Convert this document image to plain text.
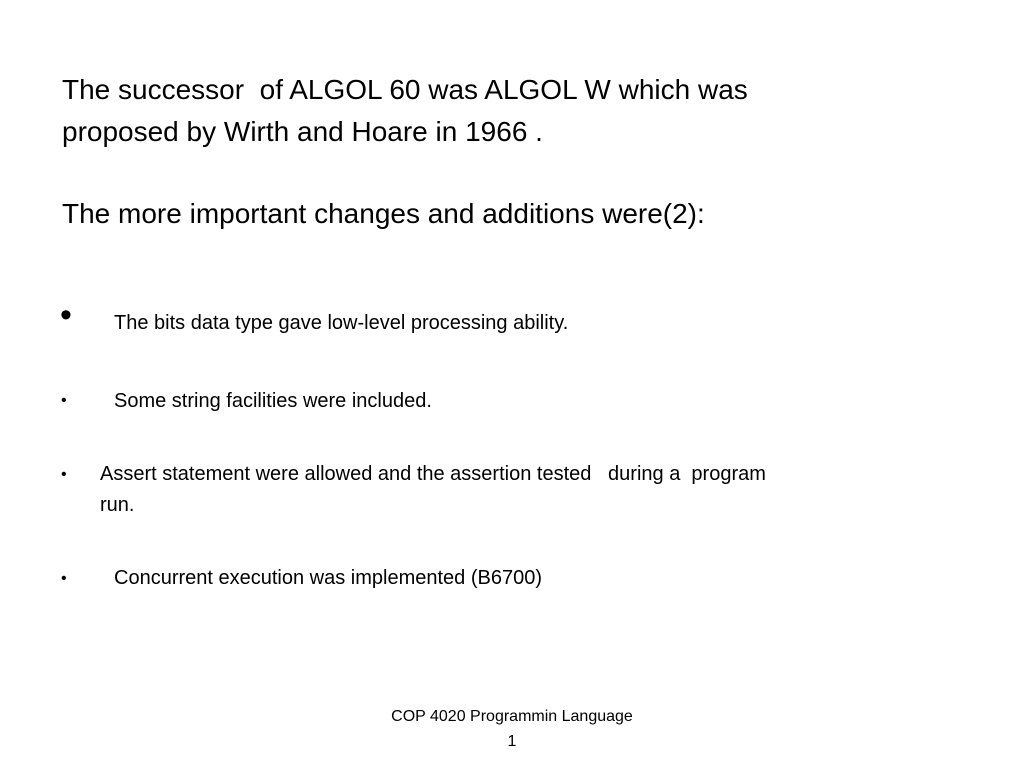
The successor  of ALGOL 60 was ALGOL W which was
proposed by Wirth and Hoare in 1966 .
The more important changes and additions were(2):

•

The bits data type gave low-level processing ability.

•

Some string facilities were included.

•

Assert statement were allowed and the assertion tested   during a  program

run.

•

Concurrent execution was implemented (B6700)

COP 4020 Programmin Language
1
